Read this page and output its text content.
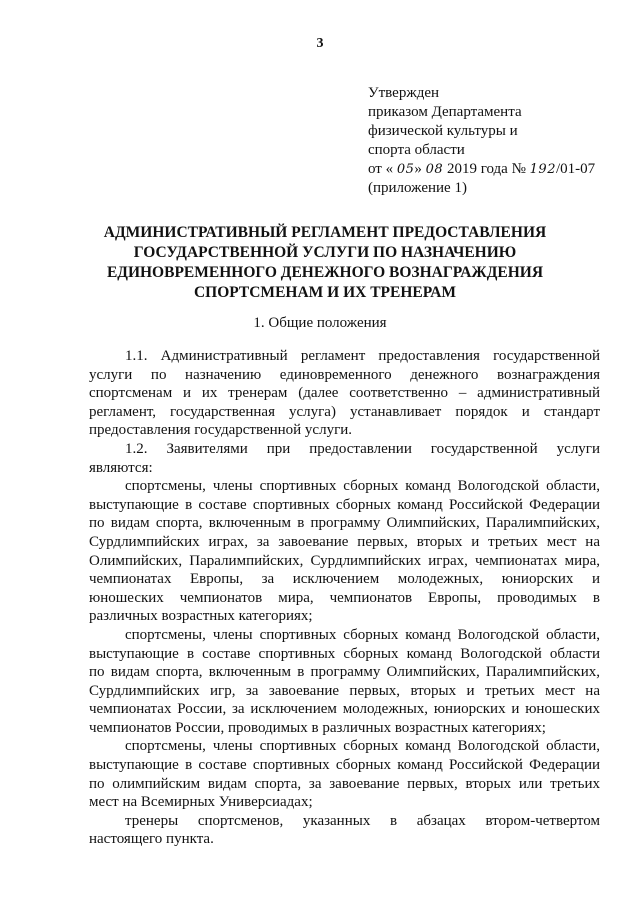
3
Утвержден
приказом Департамента
физической культуры и
спорта области
от « 05» 08 2019 года № 192/01-07
(приложение 1)
АДМИНИСТРАТИВНЫЙ РЕГЛАМЕНТ ПРЕДОСТАВЛЕНИЯ
ГОСУДАРСТВЕННОЙ УСЛУГИ ПО НАЗНАЧЕНИЮ
ЕДИНОВРЕМЕННОГО ДЕНЕЖНОГО ВОЗНАГРАЖДЕНИЯ
СПОРТСМЕНАМ И ИХ ТРЕНЕРАМ
1. Общие положения

1.1. Административный регламент предоставления государственной
услуги по назначению единовременного денежного вознаграждения
спортсменам и их тренерам (далее соответственно – административный
регламент, государственная услуга) устанавливает порядок и стандарт
предоставления государственной услуги.

1.2. Заявителями при предоставлении государственной услуги
являются:

спортсмены, члены спортивных сборных команд Вологодской области,
выступающие в составе спортивных сборных команд Российской Федерации
по видам спорта, включенным в программу Олимпийских, Паралимпийских,
Сурдлимпийских играх, за завоевание первых, вторых и третьих мест на
Олимпийских, Паралимпийских, Сурдлимпийских играх, чемпионатах мира,
чемпионатах Европы, за исключением молодежных, юниорских и
юношеских чемпионатов мира, чемпионатов Европы, проводимых в
различных возрастных категориях;

спортсмены, члены спортивных сборных команд Вологодской области,
выступающие в составе спортивных сборных команд Вологодской области
по видам спорта, включенным в программу Олимпийских, Паралимпийских,
Сурдлимпийских игр, за завоевание первых, вторых и третьих мест на
чемпионатах России, за исключением молодежных, юниорских и юношеских
чемпионатов России, проводимых в различных возрастных категориях;

спортсмены, члены спортивных сборных команд Вологодской области,
выступающие в составе спортивных сборных команд Российской Федерации
по олимпийским видам спорта, за завоевание первых, вторых или третьих
мест на Всемирных Универсиадах;

тренеры спортсменов, указанных в абзацах втором-четвертом
настоящего пункта.
